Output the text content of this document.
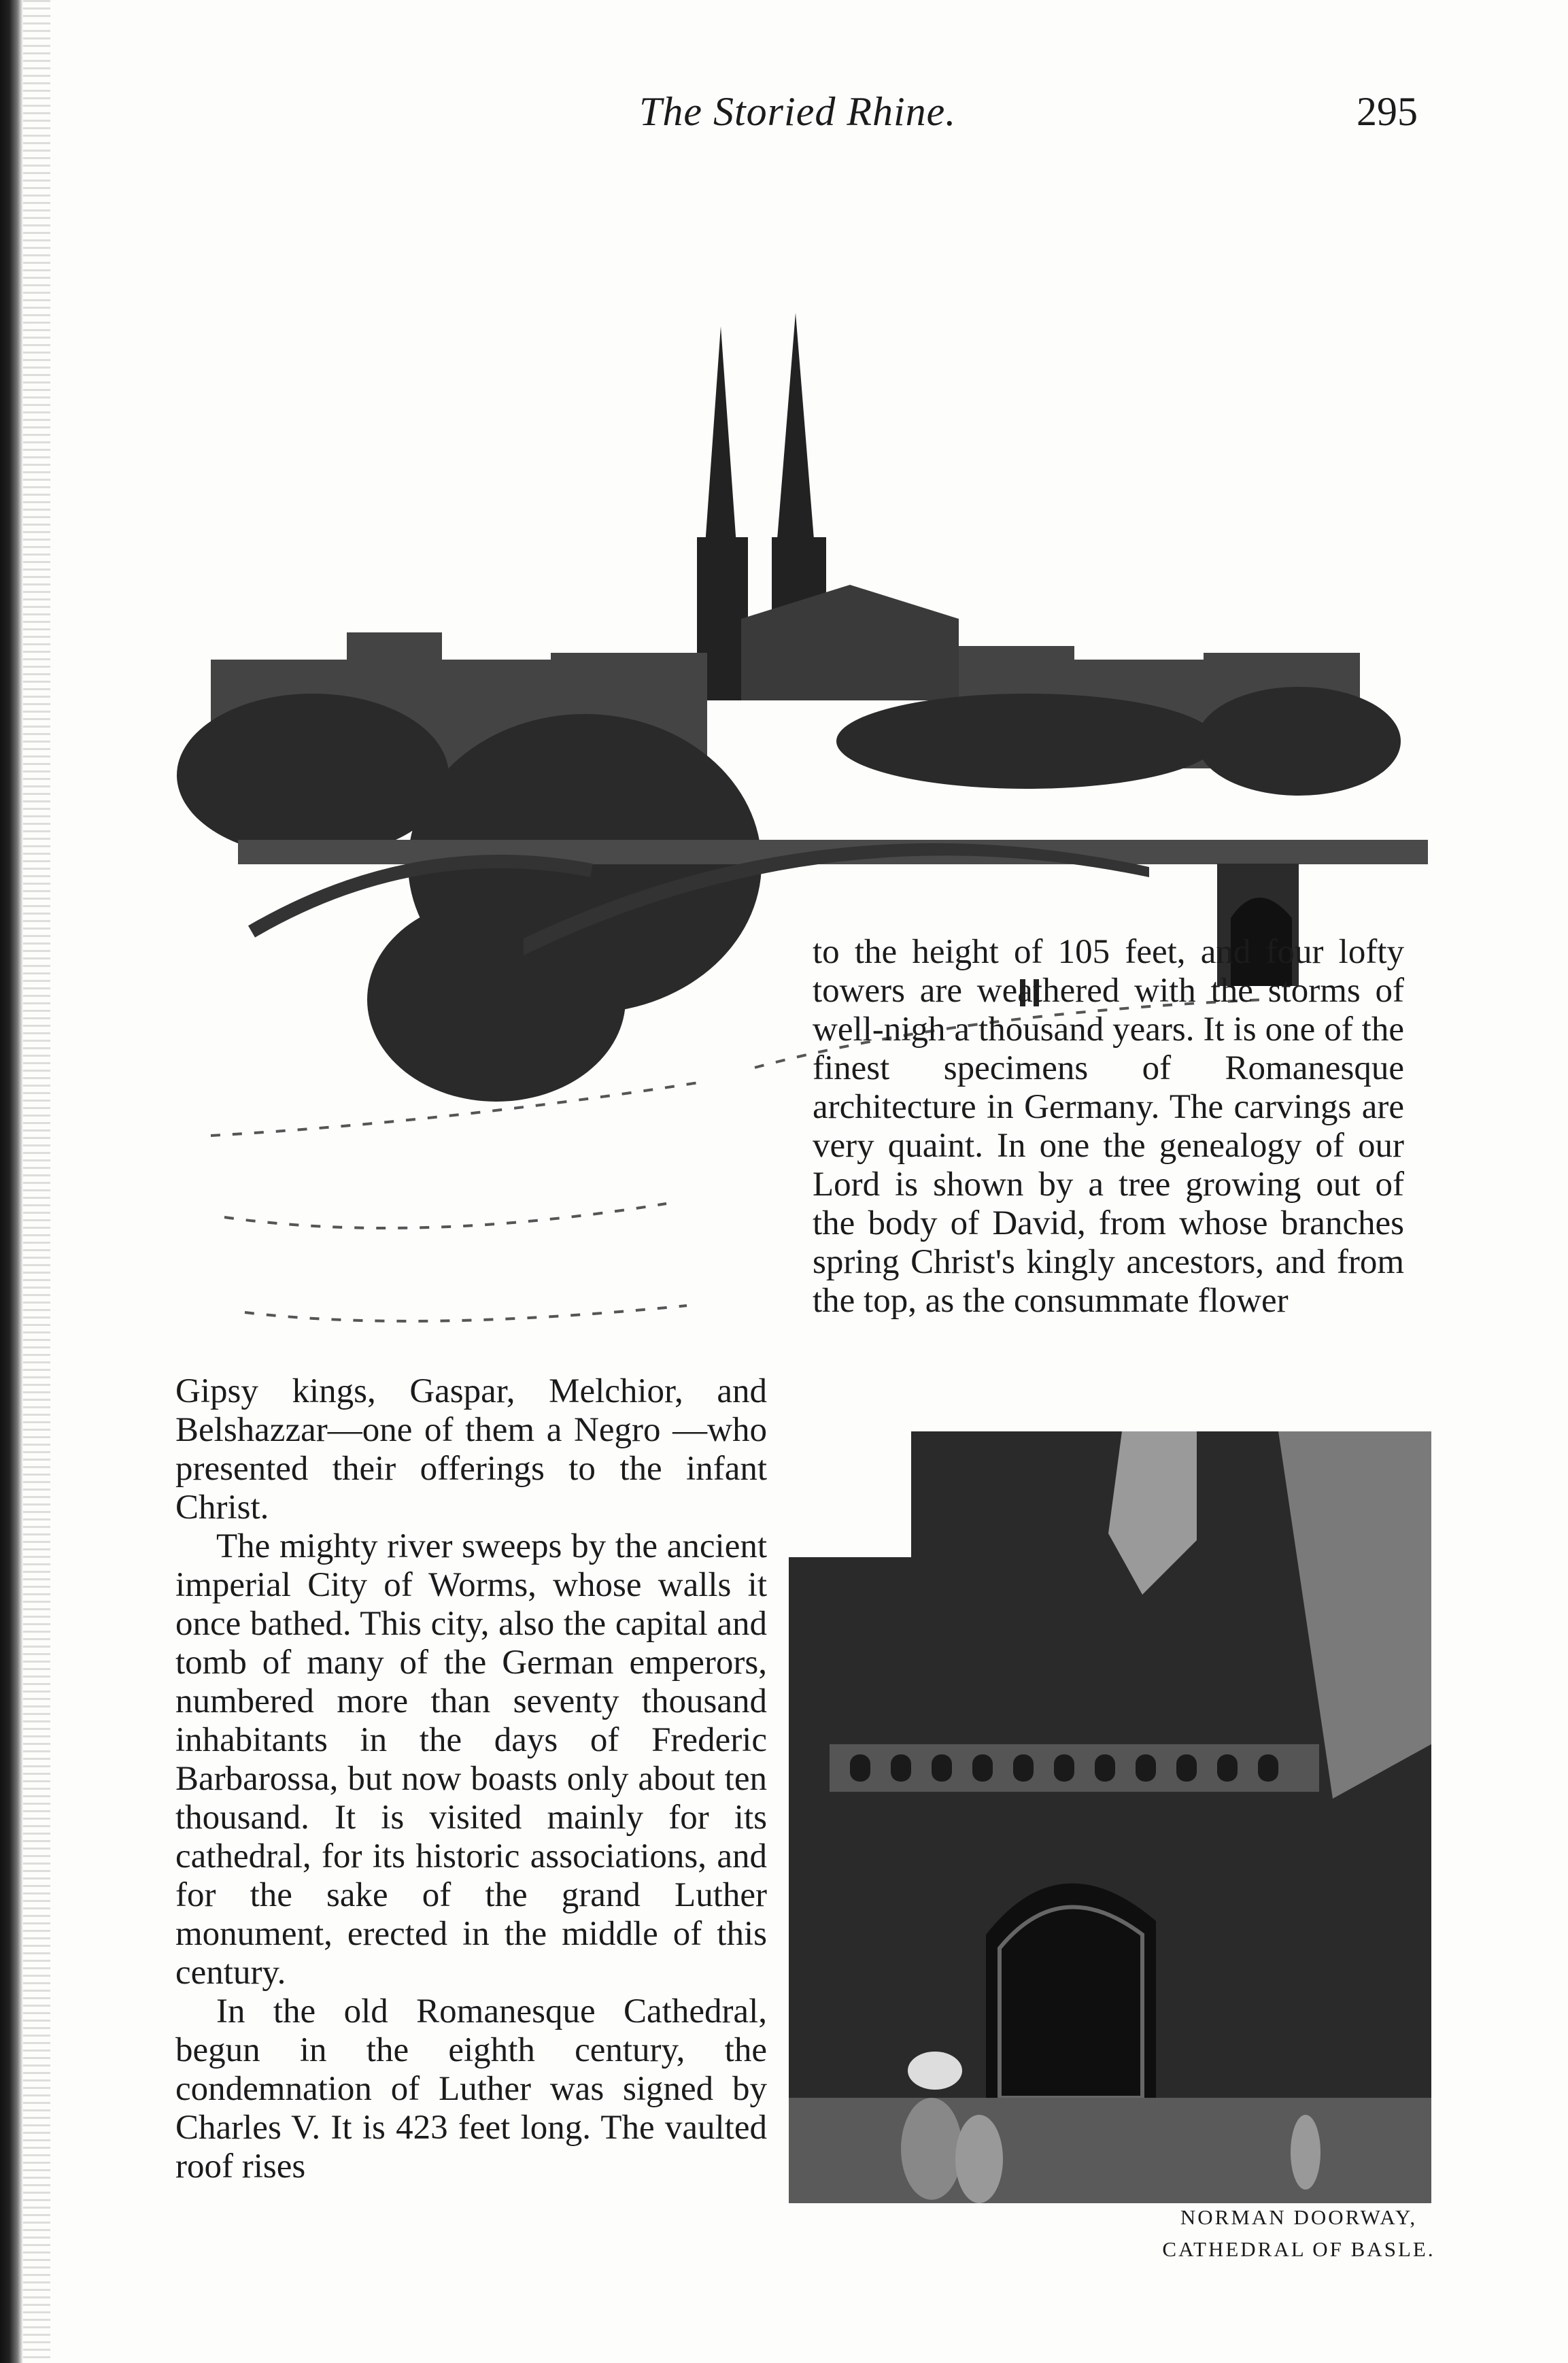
The Storied Rhine.	295

to the height of 105 feet, and four lofty towers are weathered with the storms of well-nigh a thousand years. It is one of the finest specimens of Romanesque architecture in Germany. The carvings are very quaint. In one the genealogy of our Lord is shown by a tree growing out of the body of David, from whose branches spring Christ's kingly ancestors, and from the top, as the consummate flower

Gipsy kings, Gaspar, Melchior, and Belshazzar—one of them a Negro —who presented their offerings to the infant Christ.

The mighty river sweeps by the ancient imperial City of Worms, whose walls it once bathed. This city, also the capital and tomb of many of the German emperors, numbered more than seventy thousand inhabitants in the days of Frederic Barbarossa, but now boasts only about ten thousand. It is visited mainly for its cathedral, for its historic associations, and for the sake of the grand Luther monument, erected in the middle of this century.

In the old Romanesque Cathedral, begun in the eighth century, the condemnation of Luther was signed by Charles V. It is 423 feet long. The vaulted roof rises

NORMAN DOORWAY,
CATHEDRAL OF BASLE.
